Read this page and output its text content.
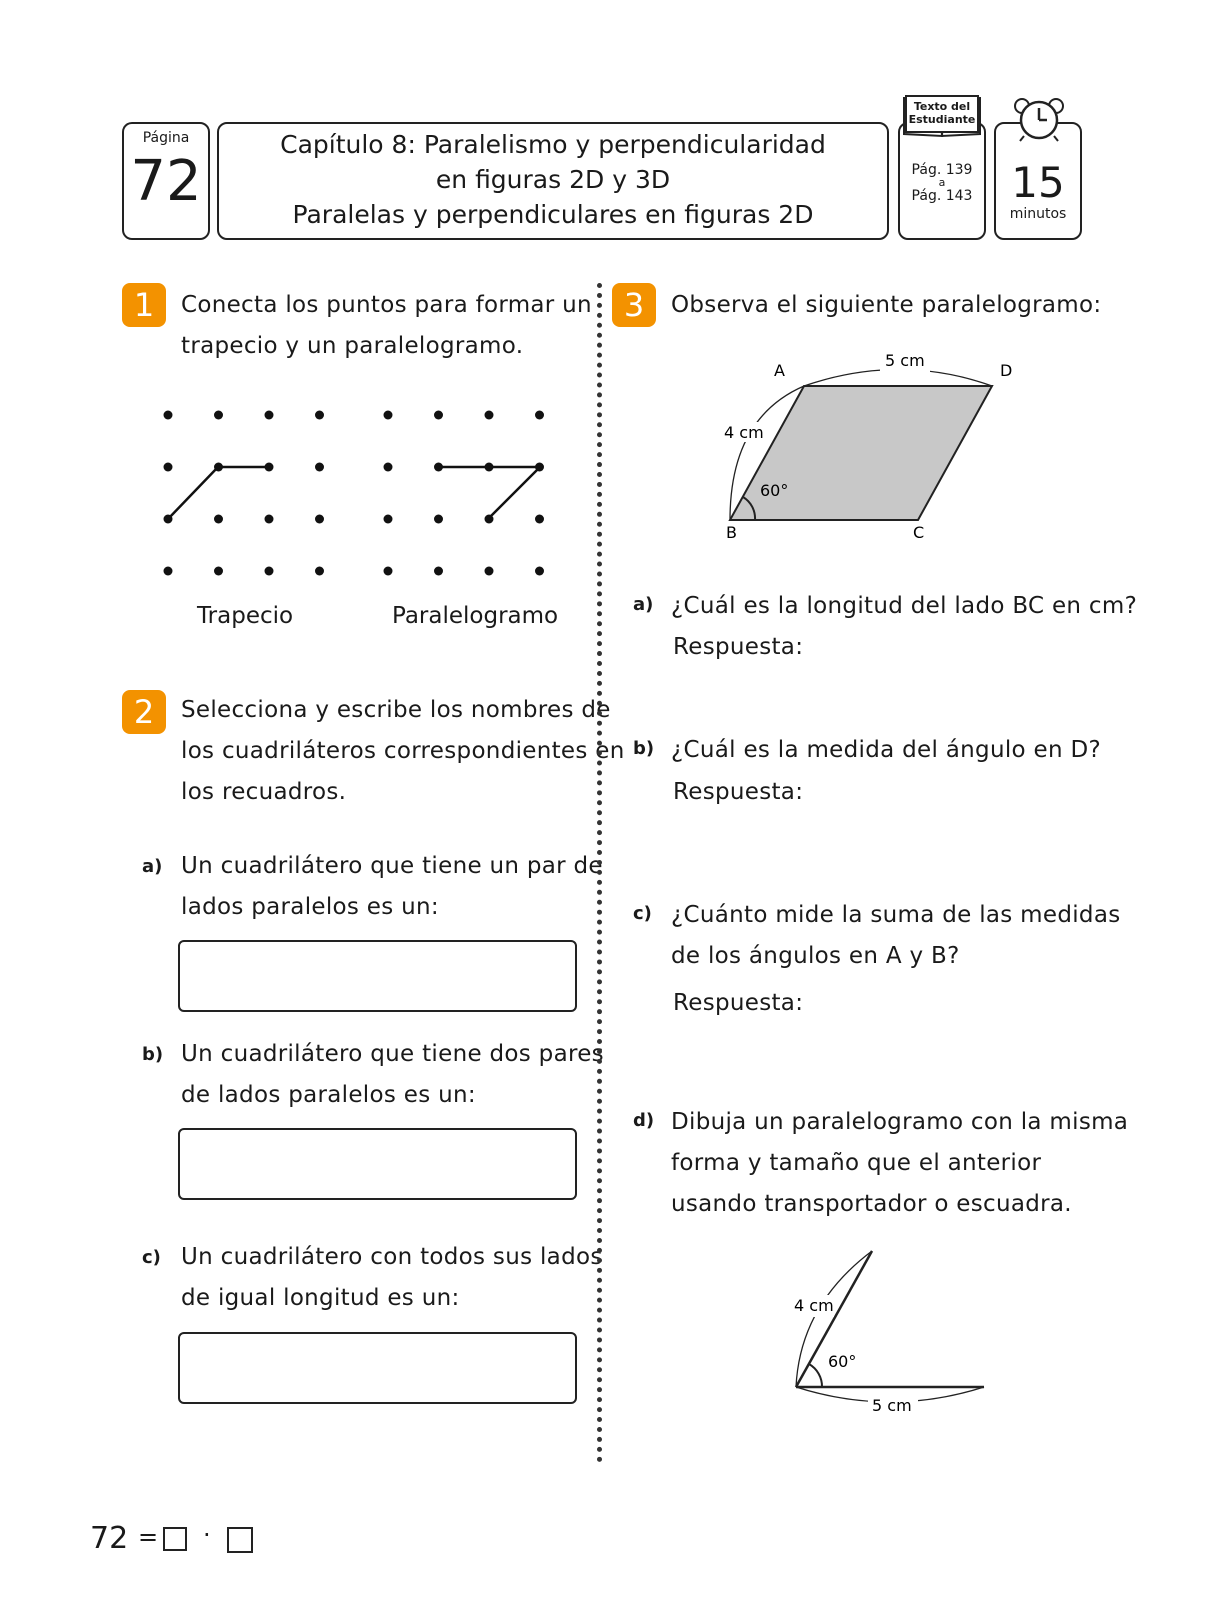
Página
72
Capítulo 8: Paralelismo y perpendicularidad
en figuras 2D y 3D
Paralelas y perpendiculares en figuras 2D
Pág. 139
a
Pág. 143
Texto del Estudiante
15
minutos
1	Conecta los puntos para formar un
trapecio y un paralelogramo.
Trapecio	Paralelogramo
2	Selecciona y escribe los nombres de
los cuadriláteros correspondientes en
los recuadros.
a) Un cuadrilátero que tiene un par de
lados paralelos es un:
b) Un cuadrilátero que tiene dos pares
de lados paralelos es un:
c) Un cuadrilátero con todos sus lados
de igual longitud es un:
3	Observa el siguiente paralelogramo:
5 cm
4 cm
60°
A
B	C
D
a) ¿Cuál es la longitud del lado BC en cm?
Respuesta:
b) ¿Cuál es la medida del ángulo en D?
Respuesta:
c) ¿Cuánto mide la suma de las medidas
de los ángulos en A y B?
Respuesta:
d) Dibuja un paralelogramo con la misma
forma y tamaño que el anterior
usando transportador o escuadra.
4 cm
60°
5 cm
72 = ·
